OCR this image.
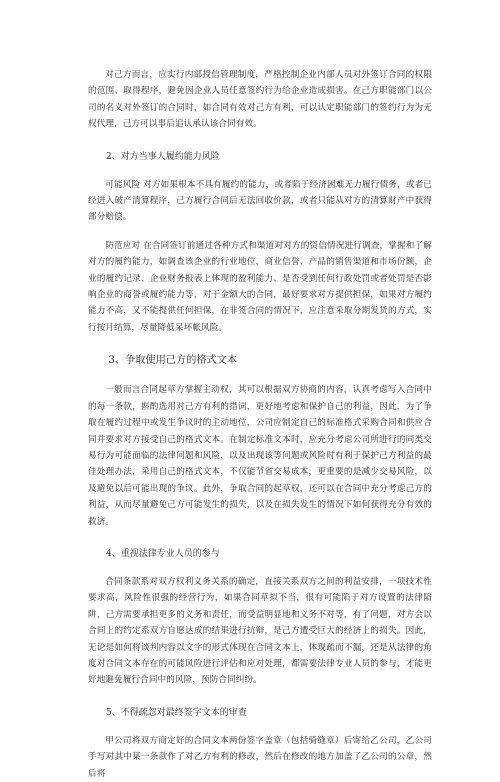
对己方而言，应实行内部授信管理制度，严格控制企业内部人员对外签订合同的权限的范围、取得程序，避免因企业人员任意签约行为给企业造成损害。在己方职能部门以公司的名义对外签订的合同时，如合同有效对己方有利，可以认定职能部门的签约行为为无权代理，己方可以事后追认承认该合同有效。

2、对方当事人履约能力风险

可能风险 对方如果根本不具有履约的能力，或者陷于经济困难无力履行债务，或者已经进入破产清算程序，己方履行合同后无法回收价款，或者只能从对方的清算财产中获得部分赔偿。

防范应对 在合同签订前通过各种方式和渠道对对方的资信情况进行调查，掌握和了解对方的履约能力，如调查该企业的行业地位，商业信誉、产品的销售渠道和市场份额，企业的履约记录、企业财务报表上体现的盈利能力、是否受到任何行政处罚或者处罚是否影响企业的商誉或履约能力等，对于金额大的合同，最好要求对方提供担保，如果对方履约能力不高，又不能提供任何担保，在非签合同的情况下，应注意采取分期发货的方式，实行按月结算，尽量降低呆坏帐风险。

3、争取使用己方的格式文本

一般而言合同起草方掌握主动权，其可以根据双方协商的内容，认真考虑写入合同中的每一条款，斟酌选用对己方有利的措词，更好地考虑和保护自己的利益，因此，为了争取在履约过程中或发生争议时的主动地位，公司应制定自己的标准格式采购合同和供应合同并要求对方接受自己的格式文本。在制定标准文本时，应充分考虑公司所进行的同类交易行为可能面临的法律问题和风险，以及出现该等问题或风险时有利于保护己方利益的最佳处理办法，采用自己的格式文本，不仅能节省交易成本，更重要的是减少交易风险，以及避免以后可能出现的争议。此外，争取合同的起草权，还可以在合同中充分考虑己方的利益，从而尽量避免己方可能发生的损失，以及在损失发生的情况下如何获得充分有效的救济。

4、重视法律专业人员的参与

合同条款系对双方权利义务关系的确定，直接关系双方之间的利益安排，一项技术性要求高，风险性很强的经营行为，如果合同草拟不当，很有可能陷于对方设置的法律陷阱，己方需要承担更多的义务和责任，而受益明显地和义务不对等，有了问题，对方会以合同上的约定系双方自愿达成的结果进行抗辩，是己方遭受巨大的经济上的损失。因此，无论是如何将谈判内容以文字的形式体现在合同文本上，体现疏而不漏，还是从法律的角度对合同文本存在的可能风险进行评估和应对处理，都需要法律专业人员的参与，才能更好地避免履行合同中的风险，预防合同纠纷。

5、不得疏忽对最终签字文本的审查

甲公司将双方商定好的合同文本两份签字盖章（包括骑缝章）后寄给乙公司，乙公司手写对其中某一条款作了对乙方有利的修改，然后在修改的地方加盖了乙公司的公章，然后将
